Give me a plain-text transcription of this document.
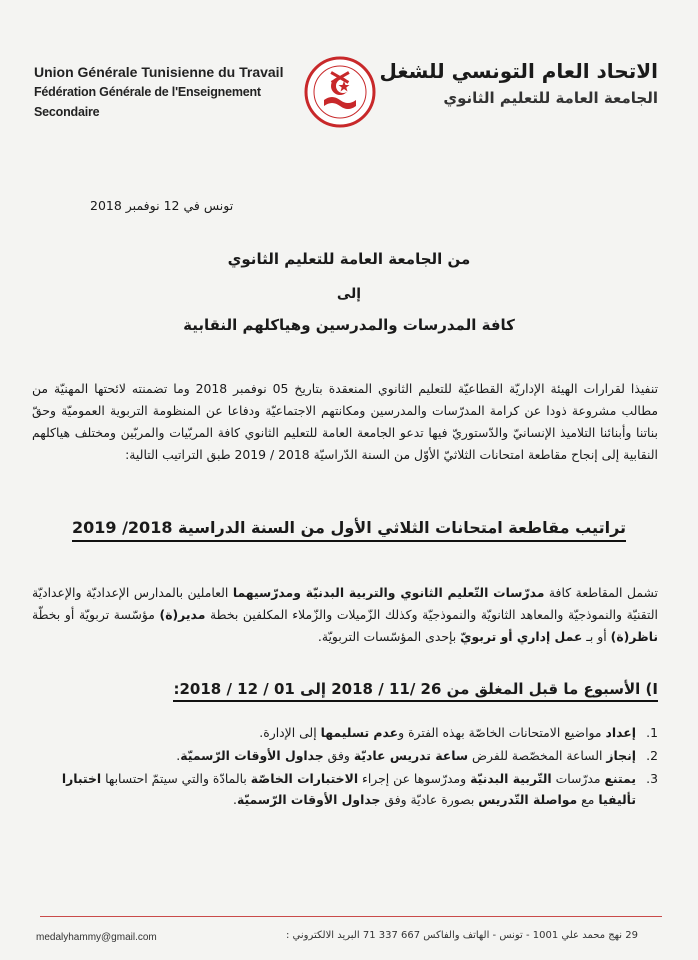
Union Générale Tunisienne du Travail
Fédération Générale de l'Enseignement Secondaire
الاتحاد العام التونسي للشغل
الجامعة العامة للتعليم الثانوي
تونس في 12 نوفمبر 2018
من الجامعة العامة للتعليم الثانوي
إلى
كافة المدرسات والمدرسين وهياكلهم النقابية
تنفيذا لقرارات الهيئة الإداريّة القطاعيّة للتعليم الثانوي المنعقدة بتاريخ 05 نوفمبر 2018 وما تضمنته لائحتها المهنيّة من مطالب مشروعة ذودا عن كرامة المدرّسات والمدرسين ومكانتهم الاجتماعيّة ودفاعا عن المنظومة التربوية العموميّة وحقّ بناتنا وأبنائنا التلاميذ الإنسانيّ والدّستوريّ فيها تدعو الجامعة العامة للتعليم الثانوي كافة المربّيات والمربّين ومختلف هياكلهم النقابية إلى إنجاح مقاطعة امتحانات الثلاثيّ الأوّل من السنة الدّراسيّة 2018 / 2019 طبق التراتيب التالية:
تراتيب مقاطعة امتحانات الثلاثي الأول من السنة الدراسية 2018/ 2019
تشمل المقاطعة كافة مدرّسات التّعليم الثانوي والتربية البدنيّة ومدرّسيهما العاملين بالمدارس الإعداديّة والإعداديّة التقنيّة والنموذجيّة والمعاهد الثانويّة والنموذجيّة وكذلك الزّميلات والزّملاء المكلفين بخطة مدير(ة) مؤسّسة تربويّة أو بخطّة ناظر(ة) أو بـ عمل إداري أو تربويّ بإحدى المؤسّسات التربويّة.
I) الأسبوع ما قبل المغلق من 26 /11 / 2018 إلى 01 / 12 / 2018:
1.
إعداد مواضيع الامتحانات الخاصّة بهذه الفترة وعدم تسليمها إلى الإدارة.
2.
إنجاز الساعة المخصّصة للفرض ساعة تدريس عاديّة وفق جداول الأوقات الرّسميّة.
3.
يمتنع مدرّسات التّربية البدنيّة ومدرّسوها عن إجراء الاختبارات الخاصّة بالمادّة والتي سيتمّ احتسابها اختبارا تأليفيا مع مواصلة التّدريس بصورة عاديّة وفق جداول الأوقات الرّسميّة.
29 نهج محمد علي 1001 - تونس - الهاتف والفاكس 667 337 71 البريد الالكتروني :
medalyhammy@gmail.com
